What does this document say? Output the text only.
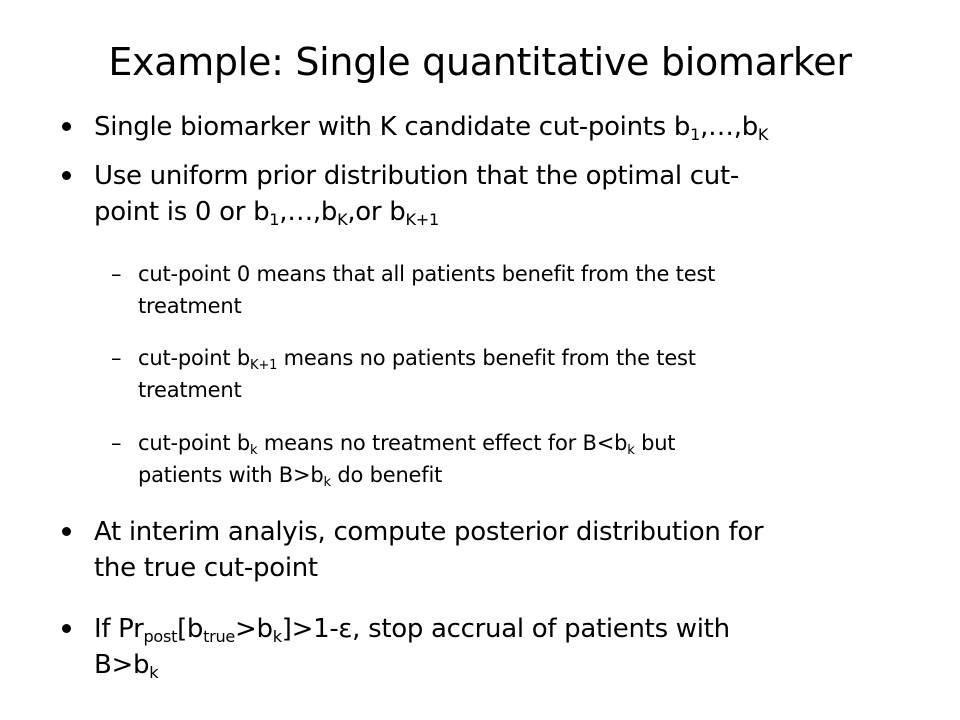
Example: Single quantitative biomarker
Single biomarker with K candidate cut-points $b_1,\dots,b_K$
Use uniform prior distribution that the optimal cut-
point is 0 or $b_1,\dots,b_K,or$ $b_{K+1}$
– cut-point 0 means that all patients benefit from the test
treatment
– cut-point $b_{K+1}$ means no patients benefit from the test
treatment
– cut-point $b_k$ means no treatment effect for $B<b_k$ but
patients with $B>b_k$ do benefit
At interim analyis, compute posterior distribution for
the true cut-point
If $Pr_{post}[b_{true}>b_k]>1-\varepsilon$, stop accrual of patients with
$B>b_k$
